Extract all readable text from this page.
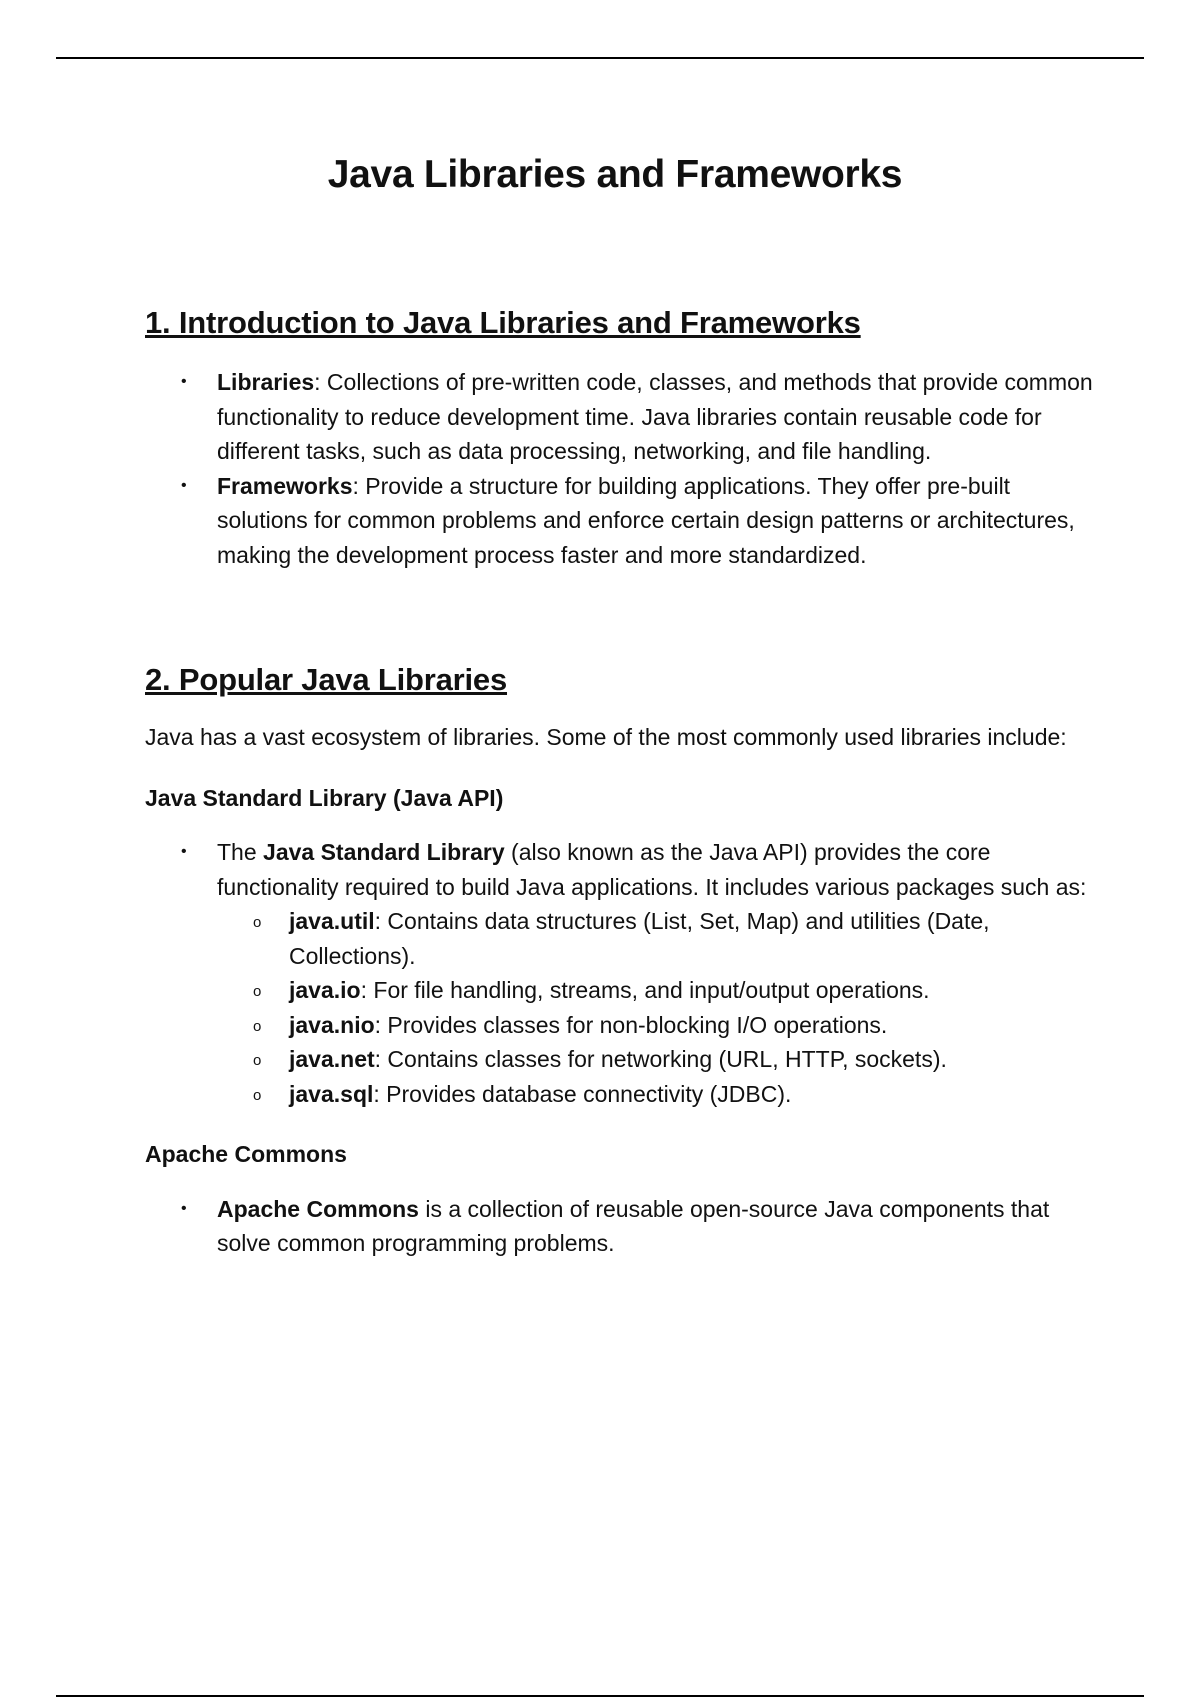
Java Libraries and Frameworks
1. Introduction to Java Libraries and Frameworks
• Libraries: Collections of pre-written code, classes, and methods that provide common functionality to reduce development time. Java libraries contain reusable code for different tasks, such as data processing, networking, and file handling.
• Frameworks: Provide a structure for building applications. They offer pre-built solutions for common problems and enforce certain design patterns or architectures, making the development process faster and more standardized.
2. Popular Java Libraries

Java has a vast ecosystem of libraries. Some of the most commonly used libraries include:

Java Standard Library (Java API)

• The Java Standard Library (also known as the Java API) provides the core functionality required to build Java applications. It includes various packages such as:
o java.util: Contains data structures (List, Set, Map) and utilities (Date, Collections).
o java.io: For file handling, streams, and input/output operations.
o java.nio: Provides classes for non-blocking I/O operations.
o java.net: Contains classes for networking (URL, HTTP, sockets).
o java.sql: Provides database connectivity (JDBC).

Apache Commons

• Apache Commons is a collection of reusable open-source Java components that solve common programming problems.
